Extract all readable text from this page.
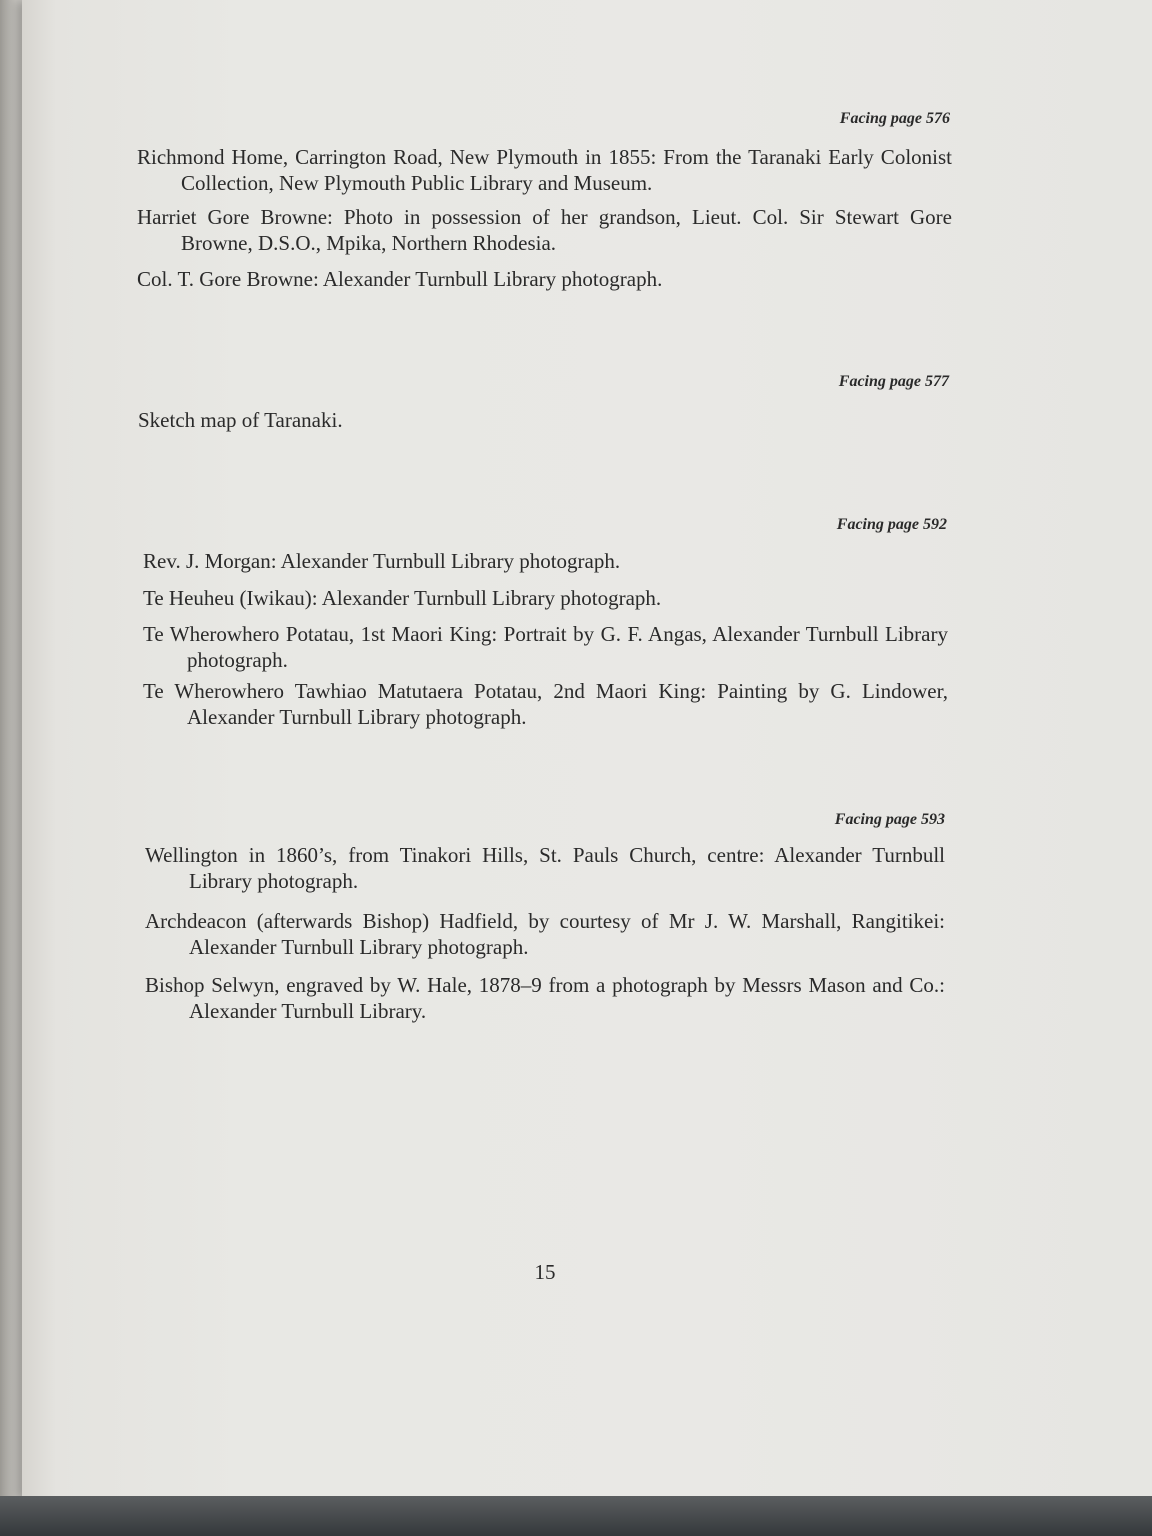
Facing page 576
Richmond Home, Carrington Road, New Plymouth in 1855: From the Taranaki Early Colonist Collection, New Plymouth Public Library and Museum.
Harriet Gore Browne: Photo in possession of her grandson, Lieut. Col. Sir Stewart Gore Browne, D.S.O., Mpika, Northern Rhodesia.
Col. T. Gore Browne: Alexander Turnbull Library photograph.
Facing page 577
Sketch map of Taranaki.
Facing page 592
Rev. J. Morgan: Alexander Turnbull Library photograph.
Te Heuheu (Iwikau): Alexander Turnbull Library photograph.
Te Wherowhero Potatau, 1st Maori King: Portrait by G. F. Angas, Alexander Turnbull Library photograph.
Te Wherowhero Tawhiao Matutaera Potatau, 2nd Maori King: Painting by G. Lindower, Alexander Turnbull Library photograph.
Facing page 593
Wellington in 1860’s, from Tinakori Hills, St. Pauls Church, centre: Alexander Turnbull Library photograph.
Archdeacon (afterwards Bishop) Hadfield, by courtesy of Mr J. W. Marshall, Rangitikei: Alexander Turnbull Library photograph.
Bishop Selwyn, engraved by W. Hale, 1878–9 from a photograph by Messrs Mason and Co.: Alexander Turnbull Library.
15
